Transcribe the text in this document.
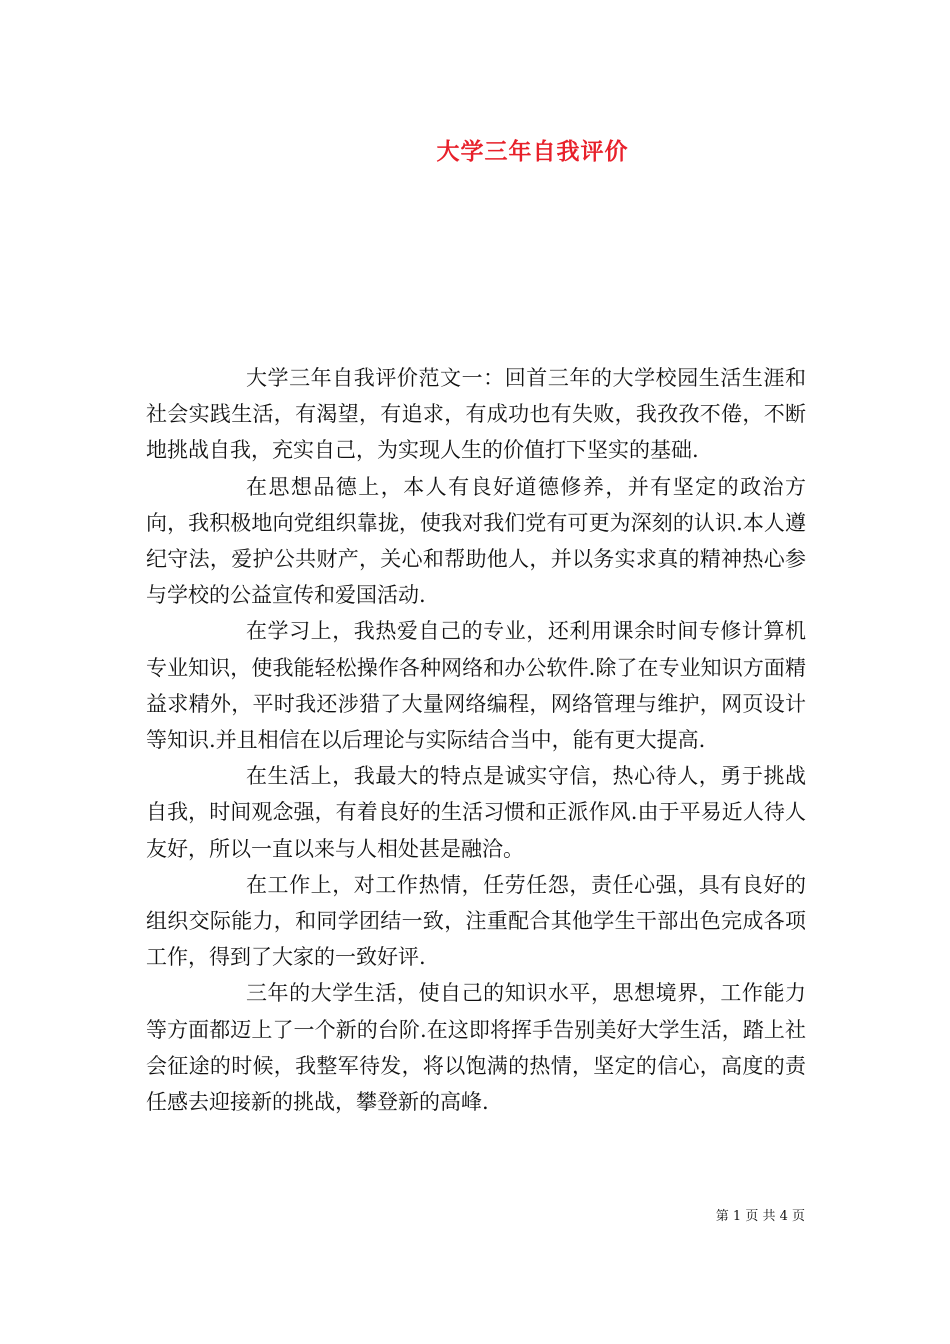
大学三年自我评价

大学三年自我评价范文一：回首三年的大学校园生活生涯和社会实践生活，有渴望，有追求，有成功也有失败，我孜孜不倦，不断地挑战自我，充实自己，为实现人生的价值打下坚实的基础.

在思想品德上，本人有良好道德修养，并有坚定的政治方向，我积极地向党组织靠拢，使我对我们党有可更为深刻的认识.本人遵纪守法，爱护公共财产，关心和帮助他人，并以务实求真的精神热心参与学校的公益宣传和爱国活动.

在学习上，我热爱自己的专业，还利用课余时间专修计算机专业知识，使我能轻松操作各种网络和办公软件.除了在专业知识方面精益求精外，平时我还涉猎了大量网络编程，网络管理与维护，网页设计等知识.并且相信在以后理论与实际结合当中，能有更大提高.

在生活上，我最大的特点是诚实守信，热心待人，勇于挑战自我，时间观念强，有着良好的生活习惯和正派作风.由于平易近人待人友好，所以一直以来与人相处甚是融洽。

在工作上，对工作热情，任劳任怨，责任心强，具有良好的组织交际能力，和同学团结一致，注重配合其他学生干部出色完成各项工作，得到了大家的一致好评.

三年的大学生活，使自己的知识水平，思想境界，工作能力等方面都迈上了一个新的台阶.在这即将挥手告别美好大学生活，踏上社会征途的时候，我整军待发，将以饱满的热情，坚定的信心，高度的责任感去迎接新的挑战，攀登新的高峰.

第 1 页 共 4 页
